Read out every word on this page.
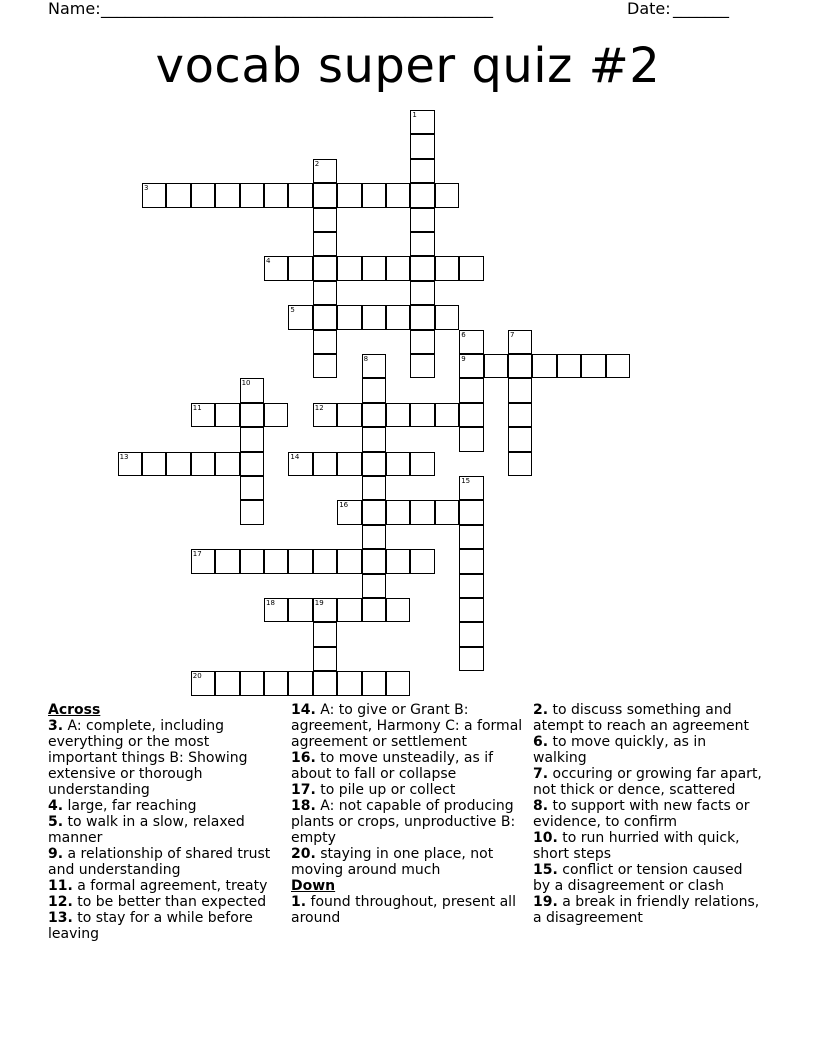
Name: _________________________________________________	Date: _______
vocab super quiz #2
1
2
3
4
5
6
9
7
8
10
11	12
13	14
15
16
17
18	19
20
Across
3. A: complete, including everything or the most important things B: Showing extensive or thorough understanding
4. large, far reaching
5. to walk in a slow, relaxed manner
9. a relationship of shared trust and understanding
11. a formal agreement, treaty
12. to be better than expected
13. to stay for a while before leaving
14. A: to give or Grant B: agreement, Harmony C: a formal agreement or settlement
16. to move unsteadily, as if about to fall or collapse
17. to pile up or collect
18. A: not capable of producing plants or crops, unproductive B: empty
20. staying in one place, not moving around much
Down
1. found throughout, present all around
2. to discuss something and atempt to reach an agreement
6. to move quickly, as in walking
7. occuring or growing far apart, not thick or dence, scattered
8. to support with new facts or evidence, to confirm
10. to run hurried with quick, short steps
15. conflict or tension caused by a disagreement or clash
19. a break in friendly relations, a disagreement
